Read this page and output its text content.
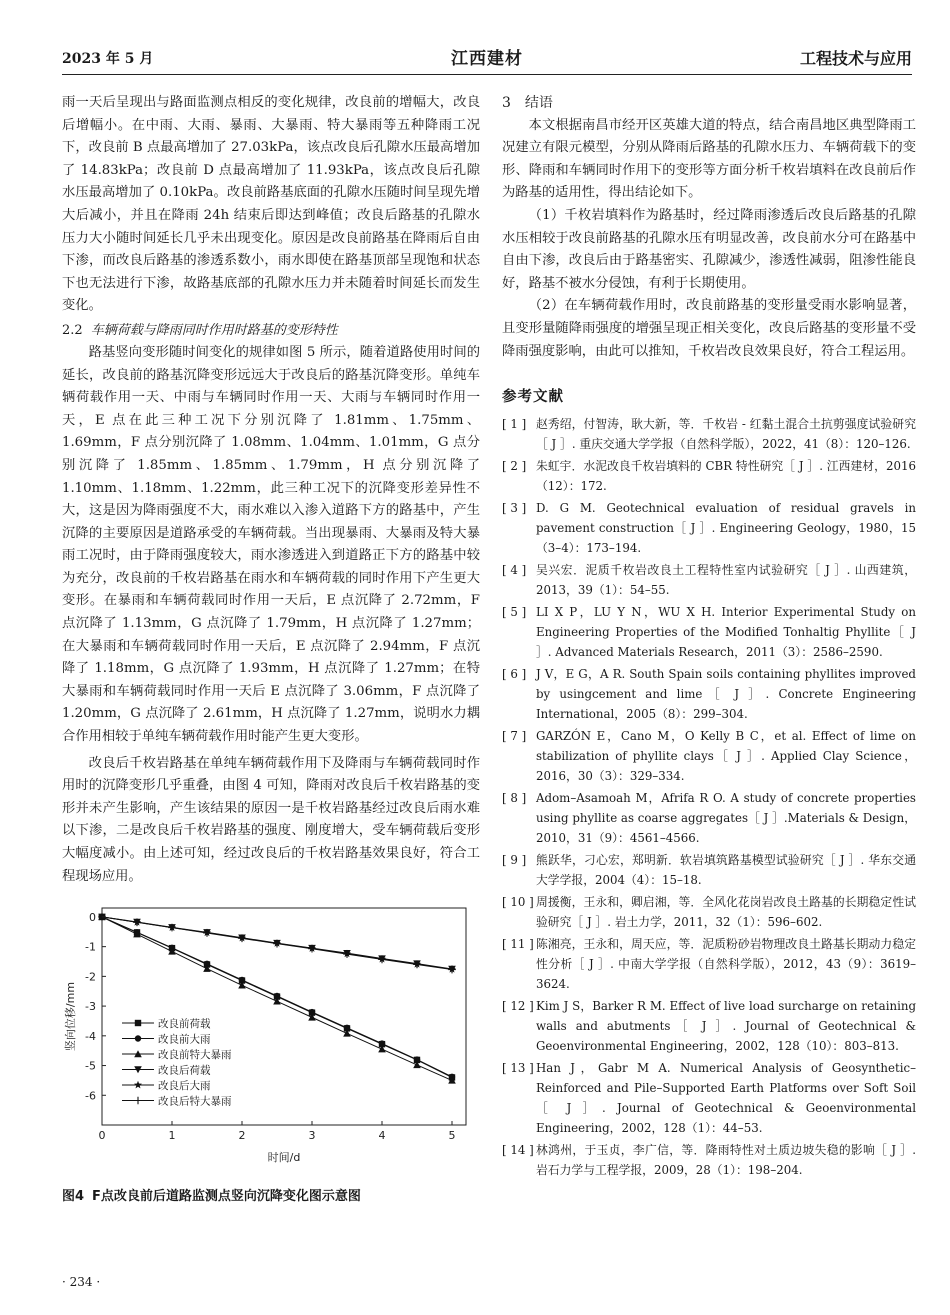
2023 年 5 月	江西建材	工程技术与应用

雨一天后呈现出与路面监测点相反的变化规律，改良前的增幅大，改良后增幅小。在中雨、大雨、暴雨、大暴雨、特大暴雨等五种降雨工况下，改良前 B 点最高增加了 27.03kPa，该点改良后孔隙水压最高增加了 14.83kPa；改良前 D 点最高增加了 11.93kPa，该点改良后孔隙水压最高增加了 0.10kPa。改良前路基底面的孔隙水压随时间呈现先增大后减小，并且在降雨 24h 结束后即达到峰值；改良后路基的孔隙水压力大小随时间延长几乎未出现变化。原因是改良前路基在降雨后自由下渗，而改良后路基的渗透系数小，雨水即使在路基顶部呈现饱和状态下也无法进行下渗，故路基底部的孔隙水压力并未随着时间延长而发生变化。

2.2 车辆荷载与降雨同时作用时路基的变形特性

路基竖向变形随时间变化的规律如图 5 所示，随着道路使用时间的延长，改良前的路基沉降变形远远大于改良后的路基沉降变形。单纯车辆荷载作用一天、中雨与车辆同时作用一天、大雨与车辆同时作用一天，E 点在此三种工况下分别沉降了 1.81mm、1.75mm、1.69mm，F 点分别沉降了 1.08mm、1.04mm、1.01mm，G 点分别沉降了 1.85mm、1.85mm、1.79mm，H 点分别沉降了 1.10mm、1.18mm、1.22mm，此三种工况下的沉降变形差异性不大，这是因为降雨强度不大，雨水难以入渗入道路下方的路基中，产生沉降的主要原因是道路承受的车辆荷载。当出现暴雨、大暴雨及特大暴雨工况时，由于降雨强度较大，雨水渗透进入到道路正下方的路基中较为充分，改良前的千枚岩路基在雨水和车辆荷载的同时作用下产生更大变形。在暴雨和车辆荷载同时作用一天后，E 点沉降了 2.72mm，F 点沉降了 1.13mm，G 点沉降了 1.79mm，H 点沉降了 1.27mm；在大暴雨和车辆荷载同时作用一天后，E 点沉降了 2.94mm，F 点沉降了 1.18mm，G 点沉降了 1.93mm，H 点沉降了 1.27mm；在特大暴雨和车辆荷载同时作用一天后 E 点沉降了 3.06mm，F 点沉降了 1.20mm，G 点沉降了 2.61mm，H 点沉降了 1.27mm，说明水力耦合作用相较于单纯车辆荷载作用时能产生更大变形。

改良后千枚岩路基在单纯车辆荷载作用下及降雨与车辆荷载同时作用时的沉降变形几乎重叠，由图 4 可知，降雨对改良后千枚岩路基的变形并未产生影响，产生该结果的原因一是千枚岩路基经过改良后雨水难以下渗，二是改良后千枚岩路基的强度、刚度增大，受车辆荷载后变形大幅度减小。由上述可知，经过改良后的千枚岩路基效果良好，符合工程现场应用。

0	1	2	3	4	5
0
-1
-2
-3
-4
-5
-6
时间/d
竖向位移/mm	改良前荷载
改良前大雨
改良前特大暴雨
改良后荷载
改良后大雨
改良后特大暴雨
图4 F点改良前后道路监测点竖向沉降变化图示意图

3 结语

本文根据南昌市经开区英雄大道的特点，结合南昌地区典型降雨工况建立有限元模型，分别从降雨后路基的孔隙水压力、车辆荷载下的变形、降雨和车辆同时作用下的变形等方面分析千枚岩填料在改良前后作为路基的适用性，得出结论如下。

（1）千枚岩填料作为路基时，经过降雨渗透后改良后路基的孔隙水压相较于改良前路基的孔隙水压有明显改善，改良前水分可在路基中自由下渗，改良后由于路基密实、孔隙减少，渗透性减弱，阻渗性能良好，路基不被水分侵蚀，有利于长期使用。

（2）在车辆荷载作用时，改良前路基的变形量受雨水影响显著，且变形量随降雨强度的增强呈现正相关变化，改良后路基的变形量不受降雨强度影响，由此可以推知，千枚岩改良效果良好，符合工程运用。

参考文献

[ 1 ] 赵秀绍，付智涛，耿大新，等．千枚岩 - 红黏土混合土抗剪强度试验研究［ J ］. 重庆交通大学学报（自然科学版），2022，41（8）：120–126.
[ 2 ] 朱虹宇．水泥改良千枚岩填料的 CBR 特性研究［ J ］. 江西建材，2016（12）：172.
[ 3 ] D. G M. Geotechnical evaluation of residual gravels in pavement construction［ J ］. Engineering Geology，1980，15（3–4）：173–194.
[ 4 ] 吴兴宏．泥质千枚岩改良土工程特性室内试验研究［ J ］. 山西建筑，2013，39（1）：54–55.
[ 5 ] LI X P，LU Y N，WU X H. Interior Experimental Study on Engineering Properties of the Modified Tonhaltig Phyllite［ J ］. Advanced Materials Research，2011（3）：2586–2590.
[ 6 ] J V，E G，A R. South Spain soils containing phyllites improved by usingcement and lime［ J ］. Concrete Engineering International，2005（8）：299–304.
[ 7 ] GARZÓN E，Cano M，O Kelly B C，et al. Effect of lime on stabilization of phyllite clays［ J ］. Applied Clay Science，2016，30（3）：329–334.
[ 8 ] Adom–Asamoah M，Afrifa R O. A study of concrete properties using phyllite as coarse aggregates［ J ］.Materials & Design，2010，31（9）：4561–4566.
[ 9 ] 熊跃华，刁心宏，郑明新．软岩填筑路基模型试验研究［ J ］. 华东交通大学学报，2004（4）：15–18.
[ 10 ] 周援衡，王永和，卿启湘，等．全风化花岗岩改良土路基的长期稳定性试验研究［ J ］. 岩土力学，2011，32（1）：596–602.
[ 11 ] 陈湘亮，王永和，周天应，等．泥质粉砂岩物理改良土路基长期动力稳定性分析［ J ］. 中南大学学报（自然科学版），2012，43（9）：3619–3624.
[ 12 ] Kim J S，Barker R M. Effect of live load surcharge on retaining walls and abutments［ J ］. Journal of Geotechnical & Geoenvironmental Engineering，2002，128（10）：803–813.
[ 13 ] Han J，Gabr M A. Numerical Analysis of Geosynthetic–Reinforced and Pile–Supported Earth Platforms over Soft Soil［ J ］. Journal of Geotechnical & Geoenvironmental Engineering，2002，128（1）：44–53.
[ 14 ] 林鸿州，于玉贞，李广信，等．降雨特性对土质边坡失稳的影响［ J ］. 岩石力学与工程学报，2009，28（1）：198–204.
· 234 ·
